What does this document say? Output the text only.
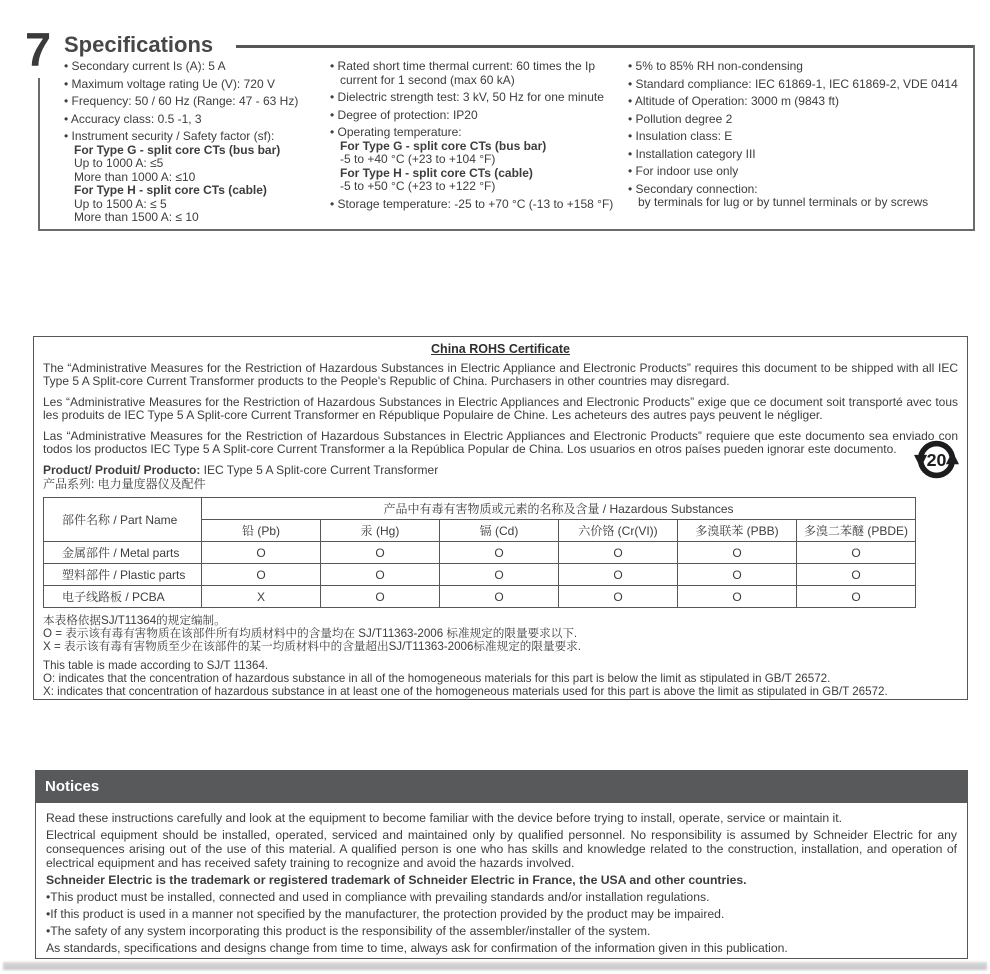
7 Specifications
• Secondary current Is (A): 5 A
• Maximum voltage rating Ue (V): 720 V
• Frequency: 50 / 60 Hz (Range: 47 - 63 Hz)
• Accuracy class: 0.5 -1, 3
• Instrument security / Safety factor (sf):
For Type G - split core CTs (bus bar)
Up to 1000 A: ≤5
More than 1000 A: ≤10
For Type H - split core CTs (cable)
Up to 1500 A: ≤ 5
More than 1500 A: ≤ 10
• Rated short time thermal current: 60 times the Ip
current for 1 second (max 60 kA)
• Dielectric strength test: 3 kV, 50 Hz for one minute
• Degree of protection: IP20
• Operating temperature:
For Type G - split core CTs (bus bar)
-5 to +40 °C (+23 to +104 °F)
For Type H - split core CTs (cable)
-5 to +50 °C (+23 to +122 °F)
• Storage temperature: -25 to +70 °C (-13 to +158 °F)
• 5% to 85% RH non-condensing
• Standard compliance: IEC 61869-1, IEC 61869-2, VDE 0414
• Altitude of Operation: 3000 m (9843 ft)
• Pollution degree 2
• Insulation class: E
• Installation category III
• For indoor use only
• Secondary connection:
by terminals for lug or by tunnel terminals or by screws
China ROHS Certificate
The “Administrative Measures for the Restriction of Hazardous Substances in Electric Appliance and Electronic Products” requires this document to be shipped with all IEC Type 5 A Split-core Current Transformer products to the People's Republic of China. Purchasers in other countries may disregard.
Les “Administrative Measures for the Restriction of Hazardous Substances in Electric Appliances and Electronic Products” exige que ce document soit transporté avec tous les produits de IEC Type 5 A Split-core Current Transformer en République Populaire de Chine. Les acheteurs des autres pays peuvent le négliger.
Las “Administrative Measures for the Restriction of Hazardous Substances in Electric Appliances and Electronic Products” requiere que este documento sea enviado con todos los productos IEC Type 5 A Split-core Current Transformer a la República Popular de China. Los usuarios en otros países pueden ignorar este documento.
Product/ Produit/ Producto: IEC Type 5 A Split-core Current Transformer
产品系列: 电力量度器仪及配件
20
部件名称 / Part Name	产品中有毒有害物质或元素的名称及含量 / Hazardous Substances					
	铅 (Pb)	汞 (Hg)	镉 (Cd)	六价铬 (Cr(VI))	多溴联苯 (PBB)	多溴二苯醚 (PBDE)
金属部件 / Metal parts	O	O	O	O	O	O
塑料部件 / Plastic parts	O	O	O	O	O	O
电子线路板 / PCBA	X	O	O	O	O	O
本表格依据SJ/T11364的规定编制。
O = 表示该有毒有害物质在该部件所有均质材料中的含量均在 SJ/T11363-2006 标准规定的限量要求以下.
X = 表示该有毒有害物质至少在该部件的某一均质材料中的含量超出SJ/T11363-2006标准规定的限量要求.
This table is made according to SJ/T 11364.
O: indicates that the concentration of hazardous substance in all of the homogeneous materials for this part is below the limit as stipulated in GB/T 26572.
X: indicates that concentration of hazardous substance in at least one of the homogeneous materials used for this part is above the limit as stipulated in GB/T 26572.
Notices
Read these instructions carefully and look at the equipment to become familiar with the device before trying to install, operate, service or maintain it.
Electrical equipment should be installed, operated, serviced and maintained only by qualified personnel. No responsibility is assumed by Schneider Electric for any consequences arising out of the use of this material. A qualified person is one who has skills and knowledge related to the construction, installation, and operation of electrical equipment and has received safety training to recognize and avoid the hazards involved.
Schneider Electric is the trademark or registered trademark of Schneider Electric in France, the USA and other countries.
•This product must be installed, connected and used in compliance with prevailing standards and/or installation regulations.
•If this product is used in a manner not specified by the manufacturer, the protection provided by the product may be impaired.
•The safety of any system incorporating this product is the responsibility of the assembler/installer of the system.
As standards, specifications and designs change from time to time, always ask for confirmation of the information given in this publication.
